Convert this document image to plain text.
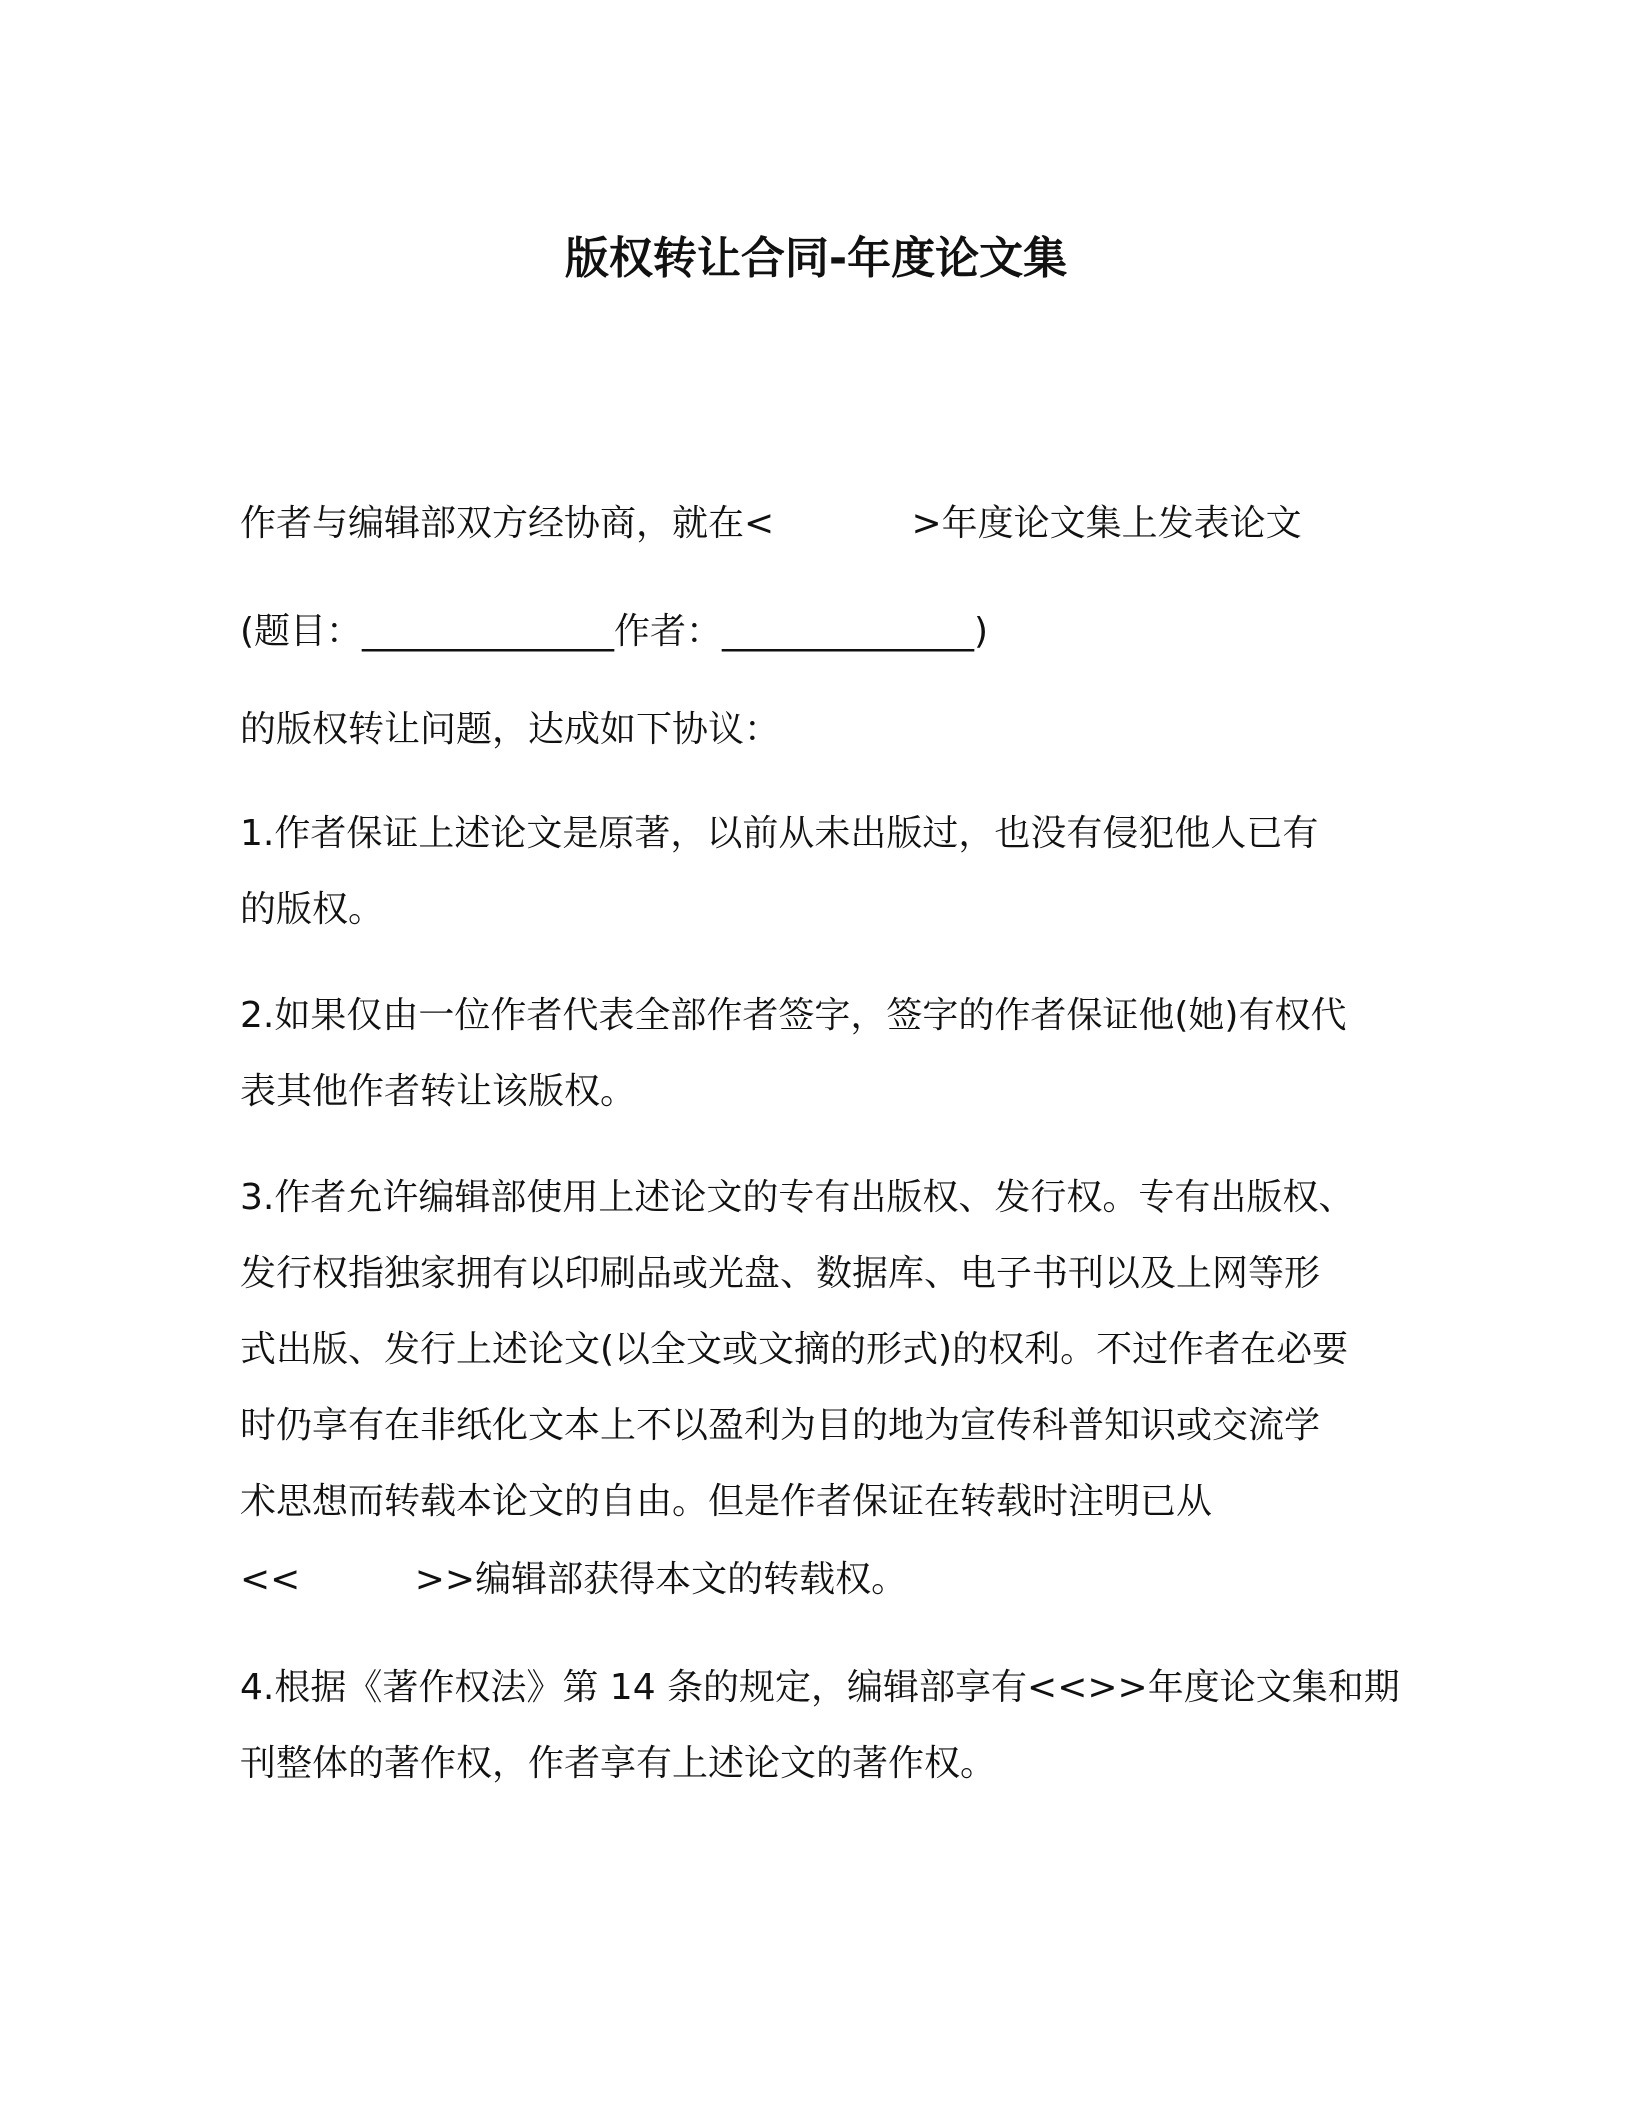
版权转让合同-年度论文集
作者与编辑部双方经协商，就在<            >年度论文集上发表论文
(题目：______________作者：______________)
的版权转让问题，达成如下协议：
1.作者保证上述论文是原著，以前从未出版过，也没有侵犯他人已有
的版权。
2.如果仅由一位作者代表全部作者签字，签字的作者保证他(她)有权代
表其他作者转让该版权。
3.作者允许编辑部使用上述论文的专有出版权、发行权。专有出版权、
发行权指独家拥有以印刷品或光盘、数据库、电子书刊以及上网等形
式出版、发行上述论文(以全文或文摘的形式)的权利。不过作者在必要
时仍享有在非纸化文本上不以盈利为目的地为宣传科普知识或交流学
术思想而转载本论文的自由。但是作者保证在转载时注明已从
<<          >>编辑部获得本文的转载权。
4.根据《著作权法》第 14 条的规定，编辑部享有<<>>年度论文集和期
刊整体的著作权，作者享有上述论文的著作权。
